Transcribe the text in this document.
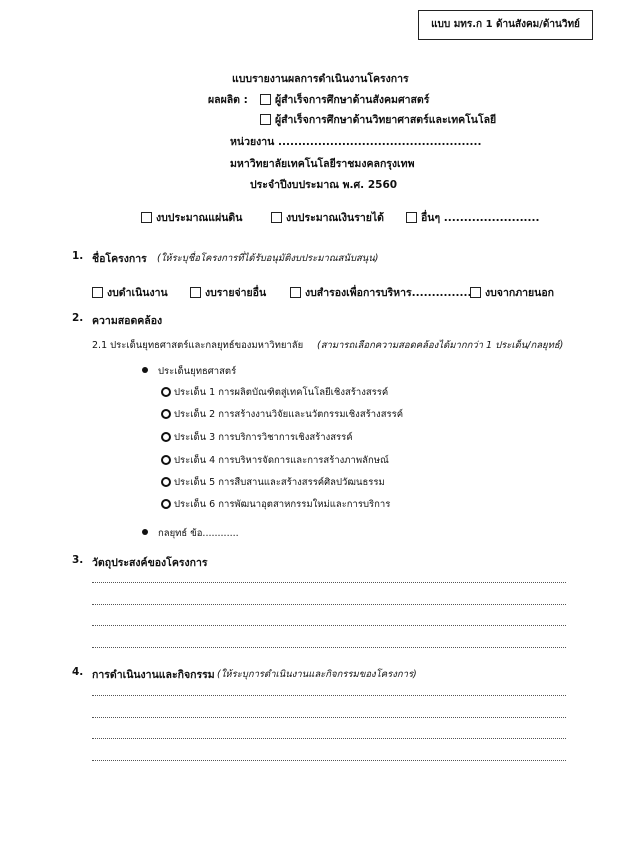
แบบ มทร.ก 1 ด้านสังคม/ด้านวิทย์
แบบรายงานผลการดำเนินงานโครงการ
ผลผลิต :	ผู้สำเร็จการศึกษาด้านสังคมศาสตร์
ผู้สำเร็จการศึกษาด้านวิทยาศาสตร์และเทคโนโลยี
หน่วยงาน ...................................................
มหาวิทยาลัยเทคโนโลยีราชมงคลกรุงเทพ
ประจำปีงบประมาณ พ.ศ. 2560
งบประมาณแผ่นดิน	งบประมาณเงินรายได้	อื่นๆ ........................
1. ชื่อโครงการ (ให้ระบุชื่อโครงการที่ได้รับอนุมัติงบประมาณสนับสนุน)
งบดำเนินงาน	งบรายจ่ายอื่น	งบสำรองเพื่อการบริหาร...............	งบจากภายนอก
2. ความสอดคล้อง
2.1 ประเด็นยุทธศาสตร์และกลยุทธ์ของมหาวิทยาลัย (สามารถเลือกความสอดคล้องได้มากกว่า 1 ประเด็น/กลยุทธ์)
ประเด็นยุทธศาสตร์
ประเด็น 1 การผลิตบัณฑิตสู่เทคโนโลยีเชิงสร้างสรรค์
ประเด็น 2 การสร้างงานวิจัยและนวัตกรรมเชิงสร้างสรรค์
ประเด็น 3 การบริการวิชาการเชิงสร้างสรรค์
ประเด็น 4 การบริหารจัดการและการสร้างภาพลักษณ์
ประเด็น 5 การสืบสานและสร้างสรรค์ศิลปวัฒนธรรม
ประเด็น 6 การพัฒนาอุตสาหกรรมใหม่และการบริการ
กลยุทธ์ ข้อ............
3. วัตถุประสงค์ของโครงการ
4. การดำเนินงานและกิจกรรม (ให้ระบุการดำเนินงานและกิจกรรมของโครงการ)
